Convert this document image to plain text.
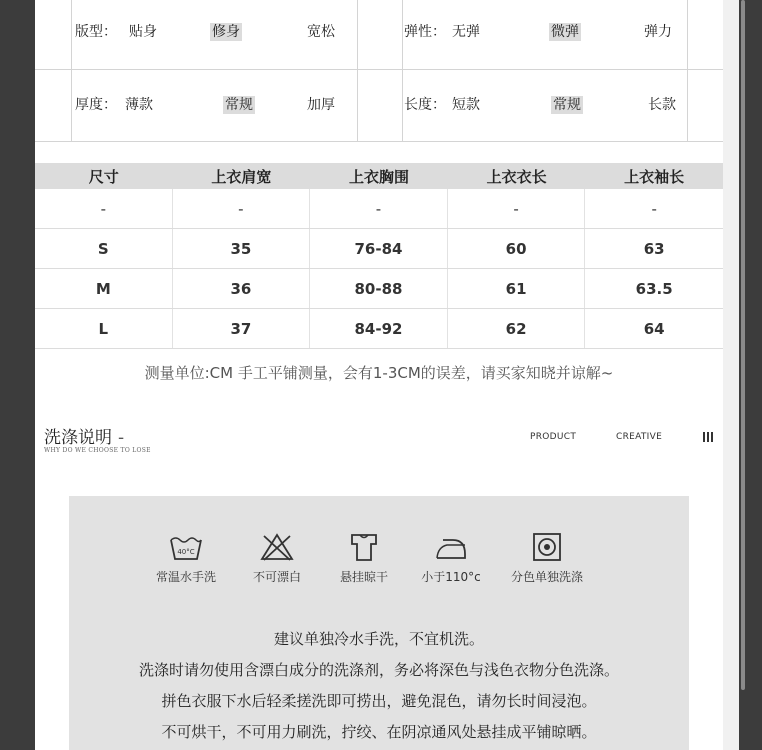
版型： 贴身	修身	宽松	弹性： 无弹	微弹	弹力
厚度： 薄款	常规	加厚	长度： 短款	常规	长款
尺寸	上衣肩宽	上衣胸围	上衣衣长	上衣袖长
-	-	-	-	-
S	35	76-84	60	63
M	36	80-88	61	63.5
L	37	84-92	62	64
测量单位:CM 手工平铺测量，会有1-3CM的误差，请买家知晓并谅解~
洗涤说明 -
WHY DO WE CHOOSE TO LOSE
PRODUCT	CREATIVE
40°C
常温水手洗	不可漂白	悬挂晾干	小于110°c	分色单独洗涤
建议单独冷水手洗，不宜机洗。
洗涤时请勿使用含漂白成分的洗涤剂，务必将深色与浅色衣物分色洗涤。
拼色衣服下水后轻柔搓洗即可捞出，避免混色，请勿长时间浸泡。
不可烘干，不可用力刷洗，拧绞、在阴凉通风处悬挂成平铺晾晒。
